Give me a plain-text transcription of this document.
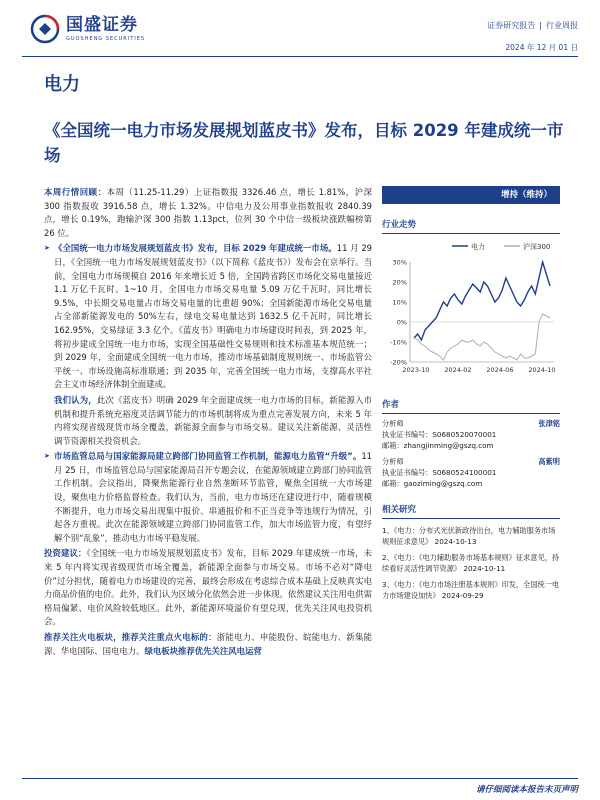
国盛证券
GUOSHENG SECURITIES
证券研究报告 | 行业周报
2024 年 12 月 01 日
电力
《全国统一电力市场发展规划蓝皮书》发布，目标 2029 年建成统一市场

本周行情回顾：本周（11.25-11.29）上证指数报 3326.46 点，增长 1.81%，沪深 300 指数报收 3916.58 点，增长 1.32%。中信电力及公用事业指数报收 2840.39 点，增长 0.19%，跑输沪深 300 指数 1.13pct，位列 30 个中信一级板块涨跌幅榜第 26 位。

➤ 《全国统一电力市场发展规划蓝皮书》发布，目标 2029 年建成统一市场。11 月 29 日，《全国统一电力市场发展规划蓝皮书》（以下简称《蓝皮书》）发布会在京举行。当前，全国电力市场规模自 2016 年来增长近 5 倍，全国跨省跨区市场化交易电量接近 1.1 万亿千瓦时。1~10 月，全国电力市场交易电量 5.09 万亿千瓦时，同比增长 9.5%，中长期交易电量占市场交易电量的比重超 90%；全国新能源市场化交易电量占全部新能源发电的 50%左右，绿电交易电量达到 1632.5 亿千瓦时，同比增长 162.95%，交易绿证 3.3 亿个。《蓝皮书》明确电力市场建设时间表，到 2025 年，将初步建成全国统一电力市场，实现全国基础性交易规则和技术标准基本规范统一；到 2029 年，全面建成全国统一电力市场，推动市场基础制度规则统一、市场监管公平统一、市场设施高标准联通；到 2035 年，完善全国统一电力市场，支撑高水平社会主义市场经济体制全面建成。

我们认为，此次《蓝皮书》明确 2029 年全面建成统一电力市场的目标，新能源入市机制和提升系统充裕度灵活调节能力的市场机制将成为重点完善发展方向，未来 5 年内将实现省级现货市场全覆盖，新能源全面参与市场交易。建议关注新能源、灵活性调节资源相关投资机会。

➤ 市场监管总局与国家能源局建立跨部门协同监管工作机制，能源电力监管“升级”。11 月 25 日，市场监管总局与国家能源局召开专题会议，在能源领域建立跨部门协同监管工作机制。会议指出，降聚焦能源行业自然垄断环节监管，聚焦全国统一大市场建设，聚焦电力价格监督检查。我们认为，当前，电力市场还在建设进行中，随着规模不断提升，电力市场交易出现集中报价、串通报价和不正当竞争等违规行为情况，引起各方重视。此次在能源领域建立跨部门协同监管工作，加大市场监管力度，有望纾解个别“乱象”，推动电力市场平稳发展。

投资建议：《全国统一电力市场发展规划蓝皮书》发布，目标 2029 年建成统一市场，未来 5 年内将实现省级现货市场全覆盖，新能源全面参与市场交易。市场不必对“降电价”过分担忧，随着电力市场建设的完善，最终会形成在考虑综合成本基础上反映真实电力商品价值的电价。此外，我们认为区域分化依然会进一步体现。依然建议关注用电供需格局偏紧、电价风险较低地区。此外，新能源环境溢价有望兑现，优先关注风电投资机会。

推荐关注火电板块，推荐关注重点火电标的：浙能电力、申能股份、皖能电力、新集能源、华电国际、国电电力。绿电板块推荐优先关注风电运营

增持（维持）
行业走势
电力	沪深300
30%
20%
10%
0%
-10%
-20%
2023-10 2024-02 2024-06 2024-10
作者
分析师	张津铭
执业证书编号：S0680520070001
邮箱：zhangjinming@gszq.com
分析师	高紫明
执业证书编号：S0680524100001
邮箱：gaoziming@gszq.com
相关研究
1、《电力：分布式光伏新政待出台，电力辅助服务市场规则征求意见》 2024-10-13
2、《电力：《电力辅助服务市场基本规则》征求意见，持续看好灵活性调节资源》 2024-10-11
3、《电力：《电力市场注册基本规则》印发，全国统一电力市场建设加快》 2024-09-29
请仔细阅读本报告末页声明
